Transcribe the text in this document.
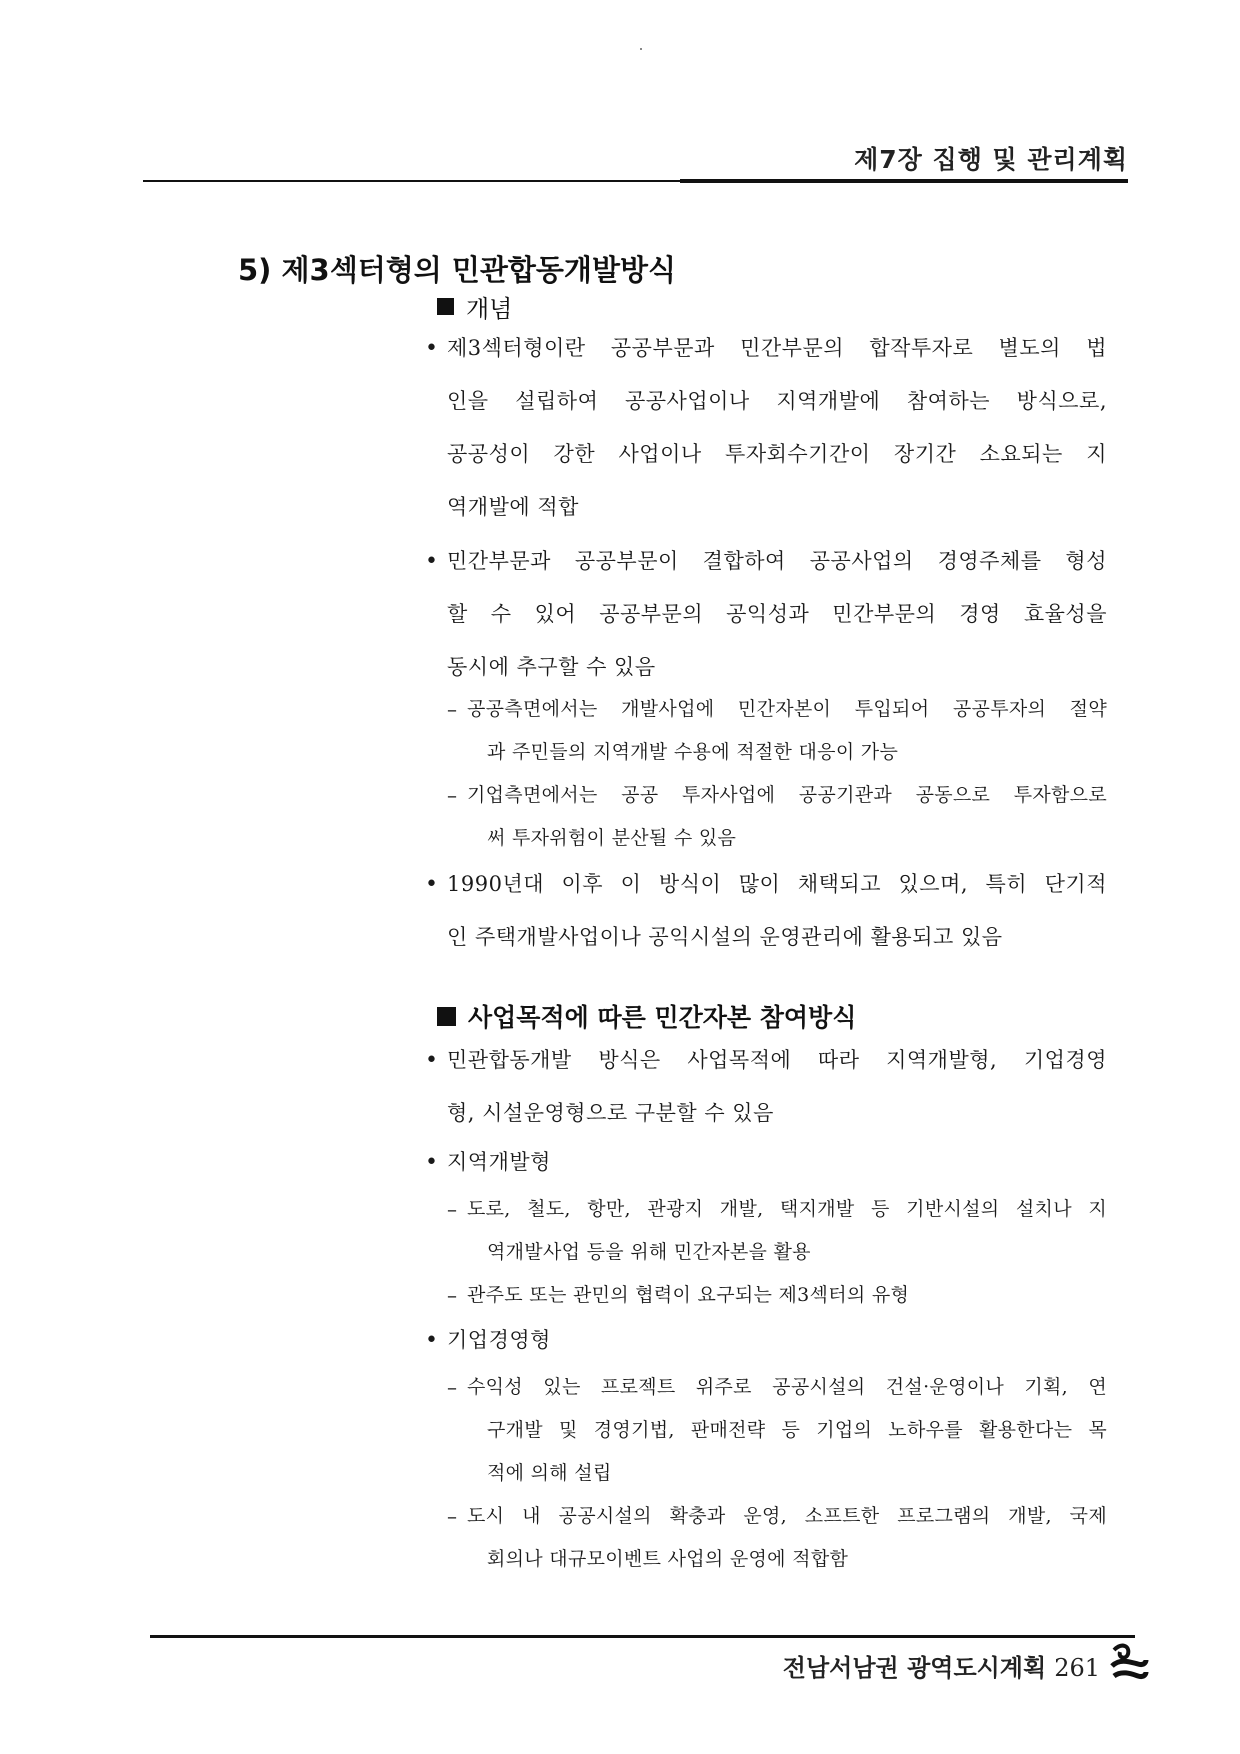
제7장 집행 및 관리계획
5) 제3섹터형의 민관합동개발방식
개념
• 제3섹터형이란 공공부문과 민간부문의 합작투자로 별도의 법
인을 설립하여 공공사업이나 지역개발에 참여하는 방식으로,
공공성이 강한 사업이나 투자회수기간이 장기간 소요되는 지
역개발에 적합
• 민간부문과 공공부문이 결합하여 공공사업의 경영주체를 형성
할 수 있어 공공부문의 공익성과 민간부문의 경영 효율성을
동시에 추구할 수 있음
– 공공측면에서는 개발사업에 민간자본이 투입되어 공공투자의 절약
과 주민들의 지역개발 수용에 적절한 대응이 가능
– 기업측면에서는 공공 투자사업에 공공기관과 공동으로 투자함으로
써 투자위험이 분산될 수 있음
• 1990년대 이후 이 방식이 많이 채택되고 있으며, 특히 단기적
인 주택개발사업이나 공익시설의 운영관리에 활용되고 있음
사업목적에 따른 민간자본 참여방식
• 민관합동개발 방식은 사업목적에 따라 지역개발형, 기업경영
형, 시설운영형으로 구분할 수 있음
• 지역개발형
– 도로, 철도, 항만, 관광지 개발, 택지개발 등 기반시설의 설치나 지
역개발사업 등을 위해 민간자본을 활용
– 관주도 또는 관민의 협력이 요구되는 제3섹터의 유형
• 기업경영형
– 수익성 있는 프로젝트 위주로 공공시설의 건설·운영이나 기획, 연
구개발 및 경영기법, 판매전략 등 기업의 노하우를 활용한다는 목
적에 의해 설립
– 도시 내 공공시설의 확충과 운영, 소프트한 프로그램의 개발, 국제
회의나 대규모이벤트 사업의 운영에 적합함
전남서남권 광역도시계획 261
